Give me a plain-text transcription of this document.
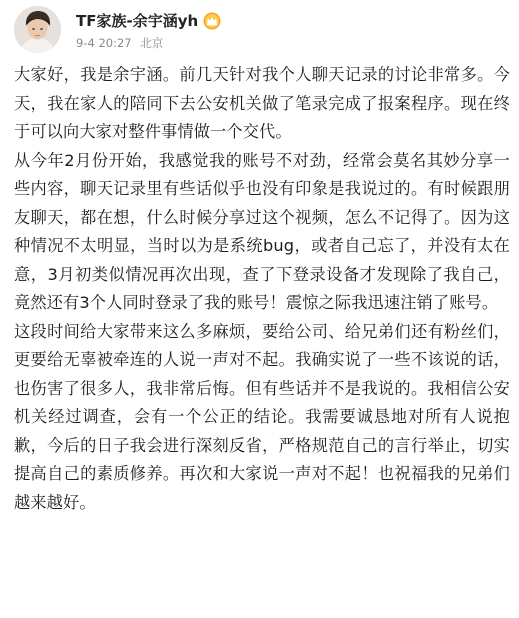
TF家族-余宇涵yh
9-4 20:27 北京

大家好，我是余宇涵。前几天针对我个人聊天记录的讨论非常多。今天，我在家人的陪同下去公安机关做了笔录完成了报案程序。现在终于可以向大家对整件事情做一个交代。

从今年2月份开始，我感觉我的账号不对劲，经常会莫名其妙分享一些内容，聊天记录里有些话似乎也没有印象是我说过的。有时候跟朋友聊天，都在想，什么时候分享过这个视频，怎么不记得了。因为这种情况不太明显，当时以为是系统bug，或者自己忘了，并没有太在意，3月初类似情况再次出现，查了下登录设备才发现除了我自己，竟然还有3个人同时登录了我的账号！震惊之际我迅速注销了账号。

这段时间给大家带来这么多麻烦，要给公司、给兄弟们还有粉丝们，更要给无辜被牵连的人说一声对不起。我确实说了一些不该说的话，也伤害了很多人，我非常后悔。但有些话并不是我说的。我相信公安机关经过调查，会有一个公正的结论。我需要诚恳地对所有人说抱歉，今后的日子我会进行深刻反省，严格规范自己的言行举止，切实提高自己的素质修养。再次和大家说一声对不起！也祝福我的兄弟们越来越好。
